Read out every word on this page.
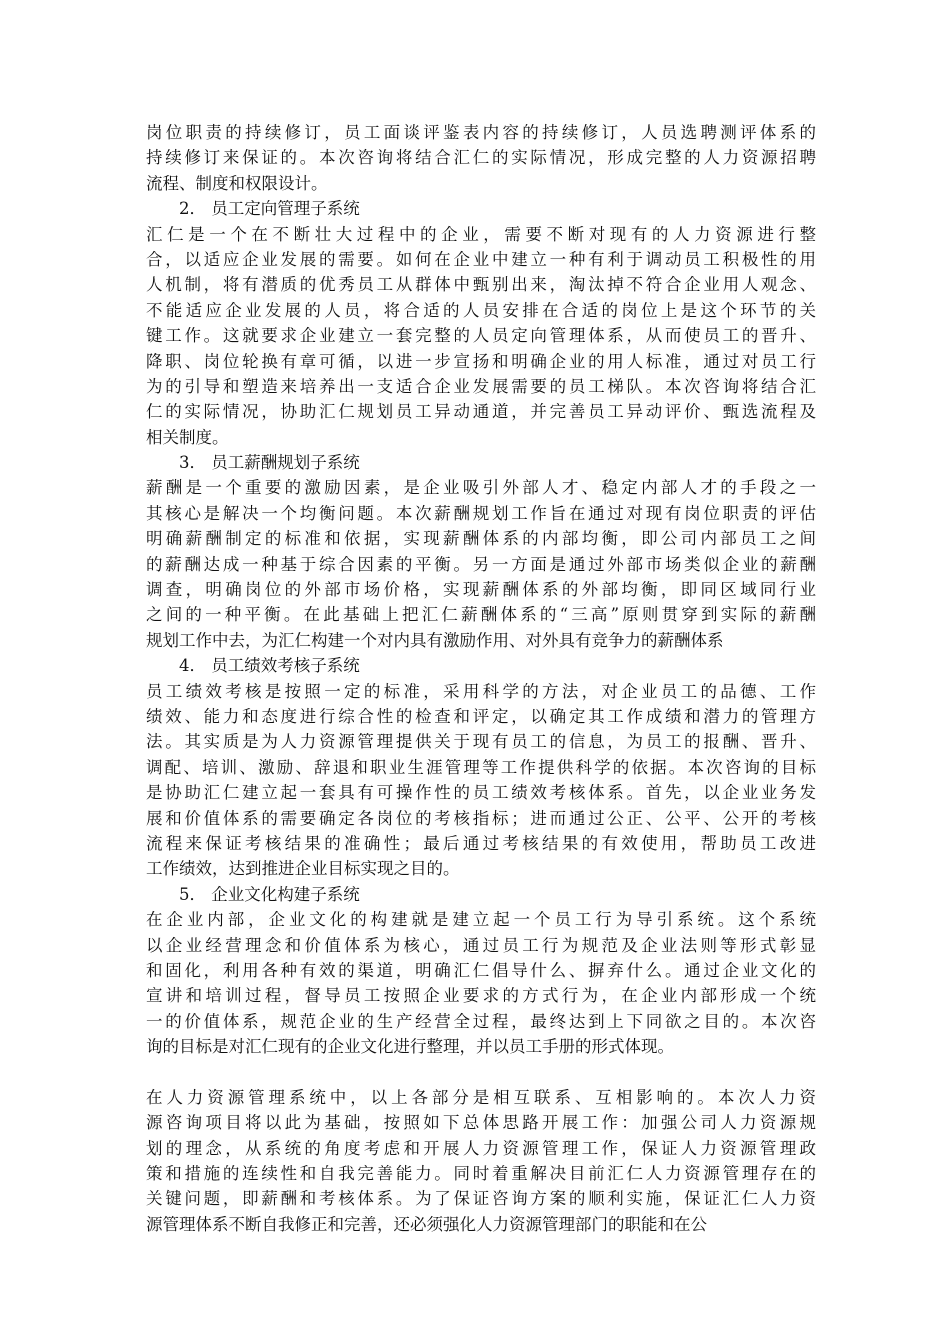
岗位职责的持续修订，员工面谈评鉴表内容的持续修订，人员选聘测评体系的
持续修订来保证的。本次咨询将结合汇仁的实际情况，形成完整的人力资源招聘
流程、制度和权限设计。
2． 员工定向管理子系统
汇仁是一个在不断壮大过程中的企业，需要不断对现有的人力资源进行整
合，以适应企业发展的需要。如何在企业中建立一种有利于调动员工积极性的用
人机制，将有潜质的优秀员工从群体中甄别出来，淘汰掉不符合企业用人观念、
不能适应企业发展的人员，将合适的人员安排在合适的岗位上是这个环节的关
键工作。这就要求企业建立一套完整的人员定向管理体系，从而使员工的晋升、
降职、岗位轮换有章可循，以进一步宣扬和明确企业的用人标准，通过对员工行
为的引导和塑造来培养出一支适合企业发展需要的员工梯队。本次咨询将结合汇
仁的实际情况，协助汇仁规划员工异动通道，并完善员工异动评价、甄选流程及
相关制度。
3． 员工薪酬规划子系统
薪酬是一个重要的激励因素，是企业吸引外部人才、稳定内部人才的手段之一
其核心是解决一个均衡问题。本次薪酬规划工作旨在通过对现有岗位职责的评估
明确薪酬制定的标准和依据，实现薪酬体系的内部均衡，即公司内部员工之间
的薪酬达成一种基于综合因素的平衡。另一方面是通过外部市场类似企业的薪酬
调查，明确岗位的外部市场价格，实现薪酬体系的外部均衡，即同区域同行业
之间的一种平衡。在此基础上把汇仁薪酬体系的“三高”原则贯穿到实际的薪酬
规划工作中去，为汇仁构建一个对内具有激励作用、对外具有竞争力的薪酬体系
4． 员工绩效考核子系统
员工绩效考核是按照一定的标准，采用科学的方法，对企业员工的品德、工作
绩效、能力和态度进行综合性的检查和评定，以确定其工作成绩和潜力的管理方
法。其实质是为人力资源管理提供关于现有员工的信息，为员工的报酬、晋升、
调配、培训、激励、辞退和职业生涯管理等工作提供科学的依据。本次咨询的目标
是协助汇仁建立起一套具有可操作性的员工绩效考核体系。首先，以企业业务发
展和价值体系的需要确定各岗位的考核指标；进而通过公正、公平、公开的考核
流程来保证考核结果的准确性；最后通过考核结果的有效使用，帮助员工改进
工作绩效，达到推进企业目标实现之目的。
5． 企业文化构建子系统
在企业内部，企业文化的构建就是建立起一个员工行为导引系统。这个系统
以企业经营理念和价值体系为核心，通过员工行为规范及企业法则等形式彰显
和固化，利用各种有效的渠道，明确汇仁倡导什么、摒弃什么。通过企业文化的
宣讲和培训过程，督导员工按照企业要求的方式行为，在企业内部形成一个统
一的价值体系，规范企业的生产经营全过程，最终达到上下同欲之目的。本次咨
询的目标是对汇仁现有的企业文化进行整理，并以员工手册的形式体现。
在人力资源管理系统中，以上各部分是相互联系、互相影响的。本次人力资
源咨询项目将以此为基础，按照如下总体思路开展工作：加强公司人力资源规
划的理念，从系统的角度考虑和开展人力资源管理工作，保证人力资源管理政
策和措施的连续性和自我完善能力。同时着重解决目前汇仁人力资源管理存在的
关键问题，即薪酬和考核体系。为了保证咨询方案的顺利实施，保证汇仁人力资
源管理体系不断自我修正和完善，还必须强化人力资源管理部门的职能和在公
